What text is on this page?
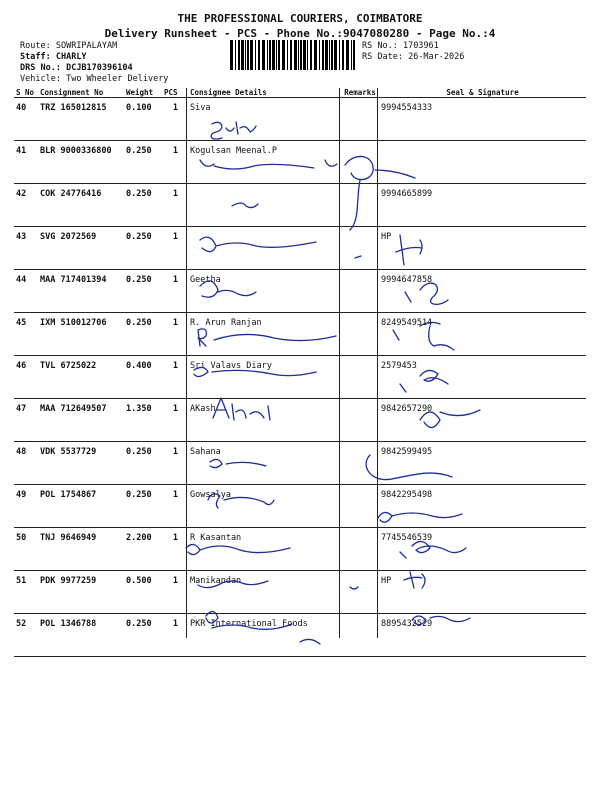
THE PROFESSIONAL COURIERS, COIMBATORE
Delivery Runsheet - PCS - Phone No.:9047080280 - Page No.:4
Route: SOWRIPALAYAM
Staff: CHARLY
DRS No.: DCJB170396104
Vehicle: Two Wheeler Delivery
RS No.: 1703961
RS Date: 26-Mar-2026
S No	Consignment No	Weight	PCS	Consignee Details	Remarks	Seal & Signature
40	TRZ 165012815	0.100	1	Siva		9994554333
41	BLR 9000336800	0.250	1	Kogulsan Meenal.P		
42	COK 24776416	0.250	1			9994665899
43	SVG 2072569	0.250	1			HP
44	MAA 717401394	0.250	1	Geetha		9994647858
45	IXM 510012706	0.250	1	R. Arun Ranjan		8249549514
46	TVL 6725022	0.400	1	Sri Valavs Diary		2579453
47	MAA 712649507	1.350	1	AKash		9842657290
48	VDK 5537729	0.250	1	Sahana		9842599495
49	POL 1754867	0.250	1	Gowsalya		9842295498
50	TNJ 9646949	2.200	1	R Kasantan		7745546539
51	PDK 9977259	0.500	1	Manikandan		HP
52	POL 1346788	0.250	1	PKR International Foods		8895432529
